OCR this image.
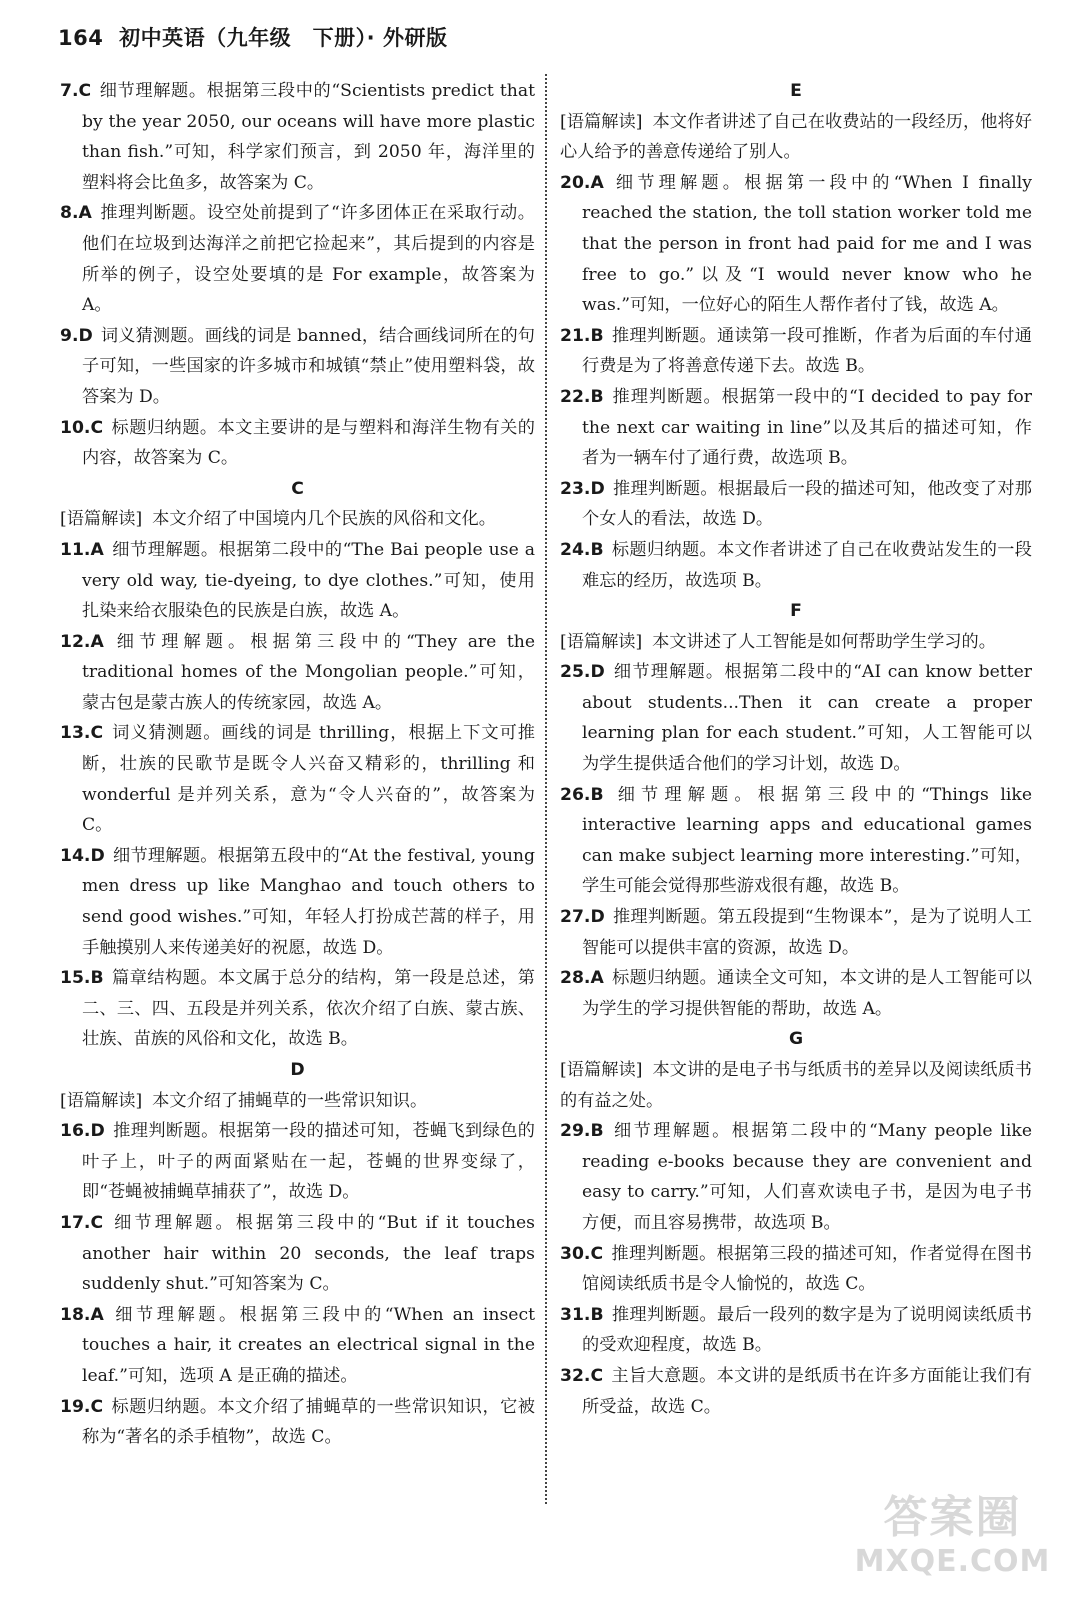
164 初中英语（九年级　下册）· 外研版
7.C 细节理解题。根据第三段中的“Scientists predict that by the year 2050, our oceans will have more plastic than fish.”可知，科学家们预言，到 2050 年，海洋里的塑料将会比鱼多，故答案为 C。
8.A 推理判断题。设空处前提到了“许多团体正在采取行动。他们在垃圾到达海洋之前把它捡起来”，其后提到的内容是所举的例子，设空处要填的是 For example，故答案为 A。
9.D 词义猜测题。画线的词是 banned，结合画线词所在的句子可知，一些国家的许多城市和城镇“禁止”使用塑料袋，故答案为 D。
10.C 标题归纳题。本文主要讲的是与塑料和海洋生物有关的内容，故答案为 C。
C
[语篇解读] 本文介绍了中国境内几个民族的风俗和文化。
11.A 细节理解题。根据第二段中的“The Bai people use a very old way, tie-dyeing, to dye clothes.”可知，使用扎染来给衣服染色的民族是白族，故选 A。
12.A 细节理解题。根据第三段中的“They are the traditional homes of the Mongolian people.”可知，蒙古包是蒙古族人的传统家园，故选 A。
13.C 词义猜测题。画线的词是 thrilling，根据上下文可推断，壮族的民歌节是既令人兴奋又精彩的，thrilling 和 wonderful 是并列关系，意为“令人兴奋的”，故答案为 C。
14.D 细节理解题。根据第五段中的“At the festival, young men dress up like Manghao and touch others to send good wishes.”可知，年轻人打扮成芒蒿的样子，用手触摸别人来传递美好的祝愿，故选 D。
15.B 篇章结构题。本文属于总分的结构，第一段是总述，第二、三、四、五段是并列关系，依次介绍了白族、蒙古族、壮族、苗族的风俗和文化，故选 B。
D
[语篇解读] 本文介绍了捕蝇草的一些常识知识。
16.D 推理判断题。根据第一段的描述可知，苍蝇飞到绿色的叶子上，叶子的两面紧贴在一起，苍蝇的世界变绿了，即“苍蝇被捕蝇草捕获了”，故选 D。
17.C 细节理解题。根据第三段中的“But if it touches another hair within 20 seconds, the leaf traps suddenly shut.”可知答案为 C。
18.A 细节理解题。根据第三段中的“When an insect touches a hair, it creates an electrical signal in the leaf.”可知，选项 A 是正确的描述。
19.C 标题归纳题。本文介绍了捕蝇草的一些常识知识，它被称为“著名的杀手植物”，故选 C。
E
[语篇解读] 本文作者讲述了自己在收费站的一段经历，他将好心人给予的善意传递给了别人。
20.A 细节理解题。根据第一段中的“When I finally reached the station, the toll station worker told me that the person in front had paid for me and I was free to go.”以及“I would never know who he was.”可知，一位好心的陌生人帮作者付了钱，故选 A。
21.B 推理判断题。通读第一段可推断，作者为后面的车付通行费是为了将善意传递下去。故选 B。
22.B 推理判断题。根据第一段中的“I decided to pay for the next car waiting in line”以及其后的描述可知，作者为一辆车付了通行费，故选项 B。
23.D 推理判断题。根据最后一段的描述可知，他改变了对那个女人的看法，故选 D。
24.B 标题归纳题。本文作者讲述了自己在收费站发生的一段难忘的经历，故选项 B。
F
[语篇解读] 本文讲述了人工智能是如何帮助学生学习的。
25.D 细节理解题。根据第二段中的“AI can know better about students...Then it can create a proper learning plan for each student.”可知，人工智能可以为学生提供适合他们的学习计划，故选 D。
26.B 细节理解题。根据第三段中的“Things like interactive learning apps and educational games can make subject learning more interesting.”可知，学生可能会觉得那些游戏很有趣，故选 B。
27.D 推理判断题。第五段提到“生物课本”，是为了说明人工智能可以提供丰富的资源，故选 D。
28.A 标题归纳题。通读全文可知，本文讲的是人工智能可以为学生的学习提供智能的帮助，故选 A。
G
[语篇解读] 本文讲的是电子书与纸质书的差异以及阅读纸质书的有益之处。
29.B 细节理解题。根据第二段中的“Many people like reading e-books because they are convenient and easy to carry.”可知，人们喜欢读电子书，是因为电子书方便，而且容易携带，故选项 B。
30.C 推理判断题。根据第三段的描述可知，作者觉得在图书馆阅读纸质书是令人愉悦的，故选 C。
31.B 推理判断题。最后一段列的数字是为了说明阅读纸质书的受欢迎程度，故选 B。
32.C 主旨大意题。本文讲的是纸质书在许多方面能让我们有所受益，故选 C。
答案圈
MXQE.COM
